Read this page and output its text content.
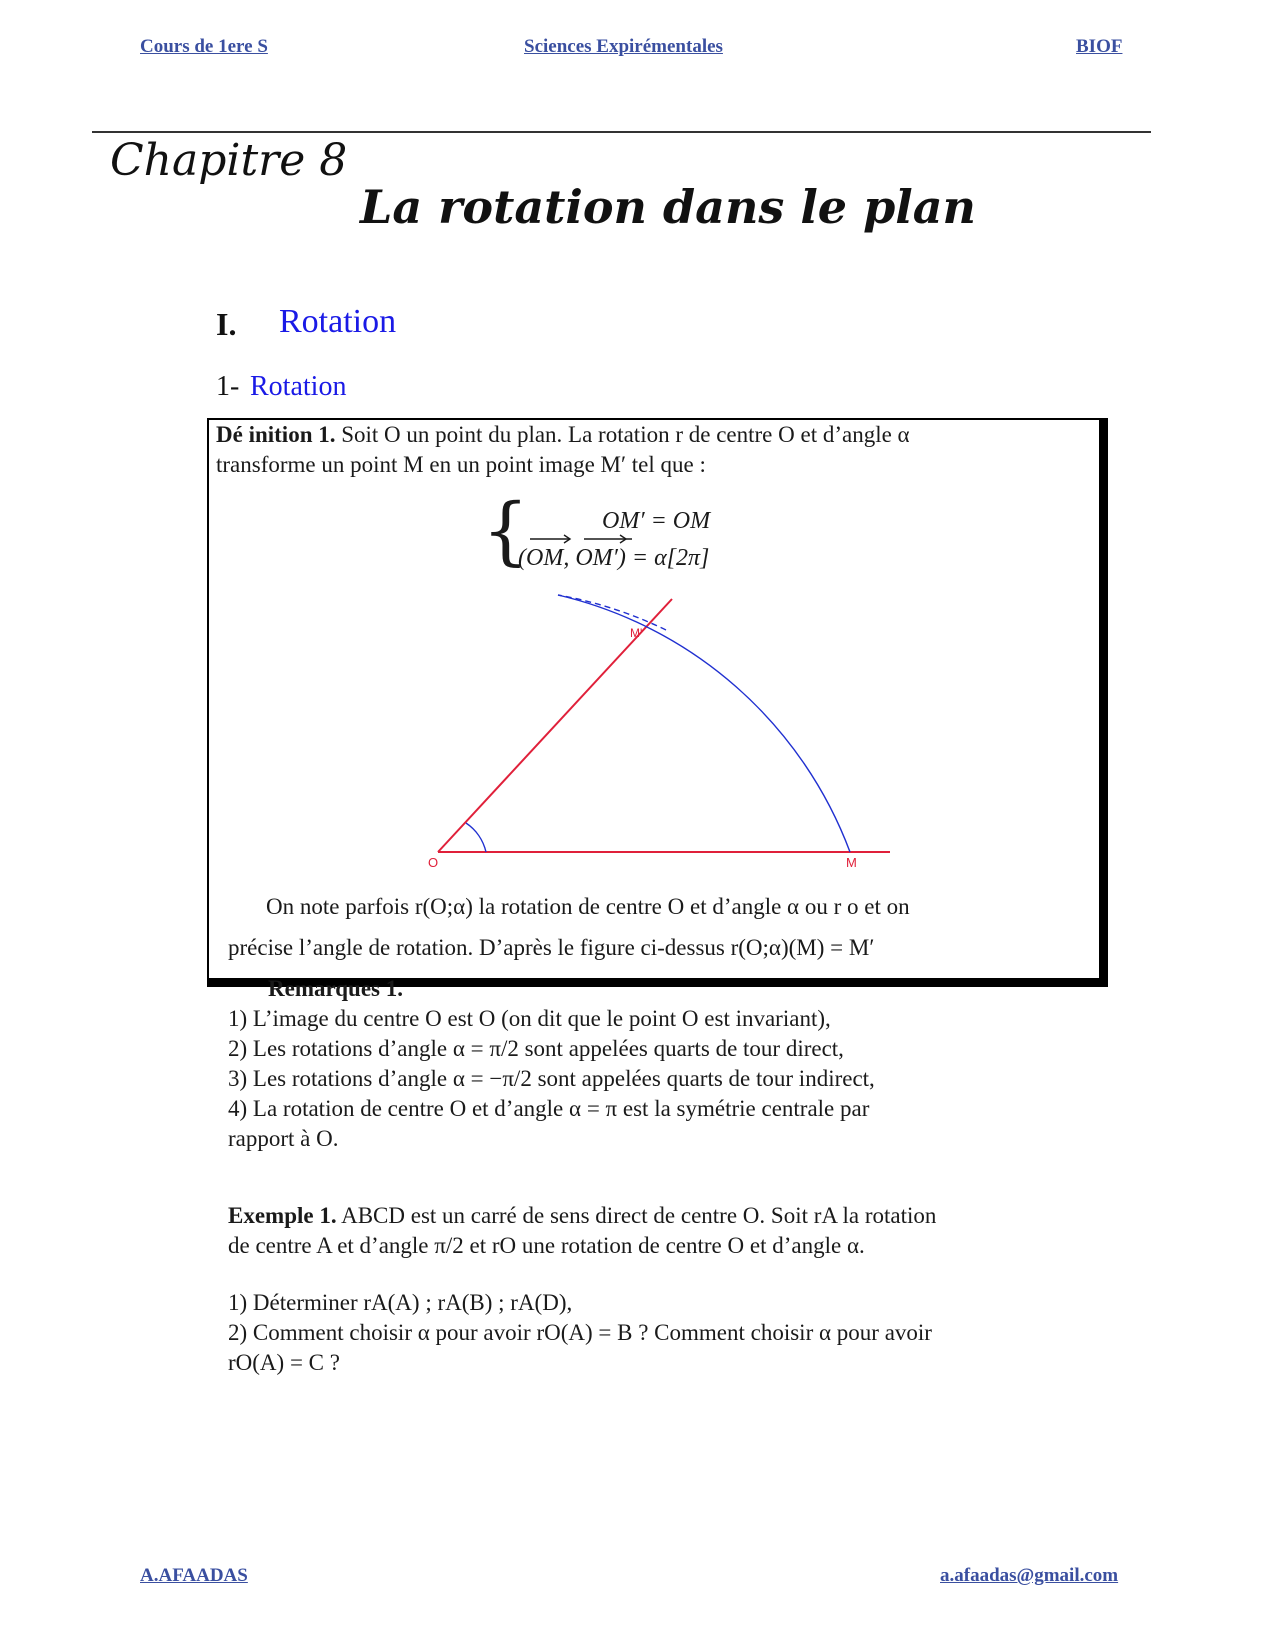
Cours de 1ere S	Sciences Expirémentales	BIOF
Chapitre 8
La rotation dans le plan
I. Rotation
1- Rotation
Dé inition 1. Soit O un point du plan. La rotation r de centre O et d’angle α
transforme un point M en un point image M′ tel que :
{	OM′ = OM
(OM, OM′) = α[2π]
O	M
M'
On note parfois r(O;α) la rotation de centre O et d’angle α ou r o et on
précise l’angle de rotation. D’après le figure ci-dessus r(O;α)(M) = M′
Remarques 1.
1) L’image du centre O est O (on dit que le point O est invariant),
2) Les rotations d’angle α = π/2 sont appelées quarts de tour direct,
3) Les rotations d’angle α = −π/2 sont appelées quarts de tour indirect,
4) La rotation de centre O et d’angle α = π est la symétrie centrale par
rapport à O.
Exemple 1. ABCD est un carré de sens direct de centre O. Soit rA la rotation
de centre A et d’angle π/2 et rO une rotation de centre O et d’angle α.
1) Déterminer rA(A) ; rA(B) ; rA(D),
2) Comment choisir α pour avoir rO(A) = B ? Comment choisir α pour avoir
rO(A) = C ?
A.AFAADAS	a.afaadas@gmail.com
